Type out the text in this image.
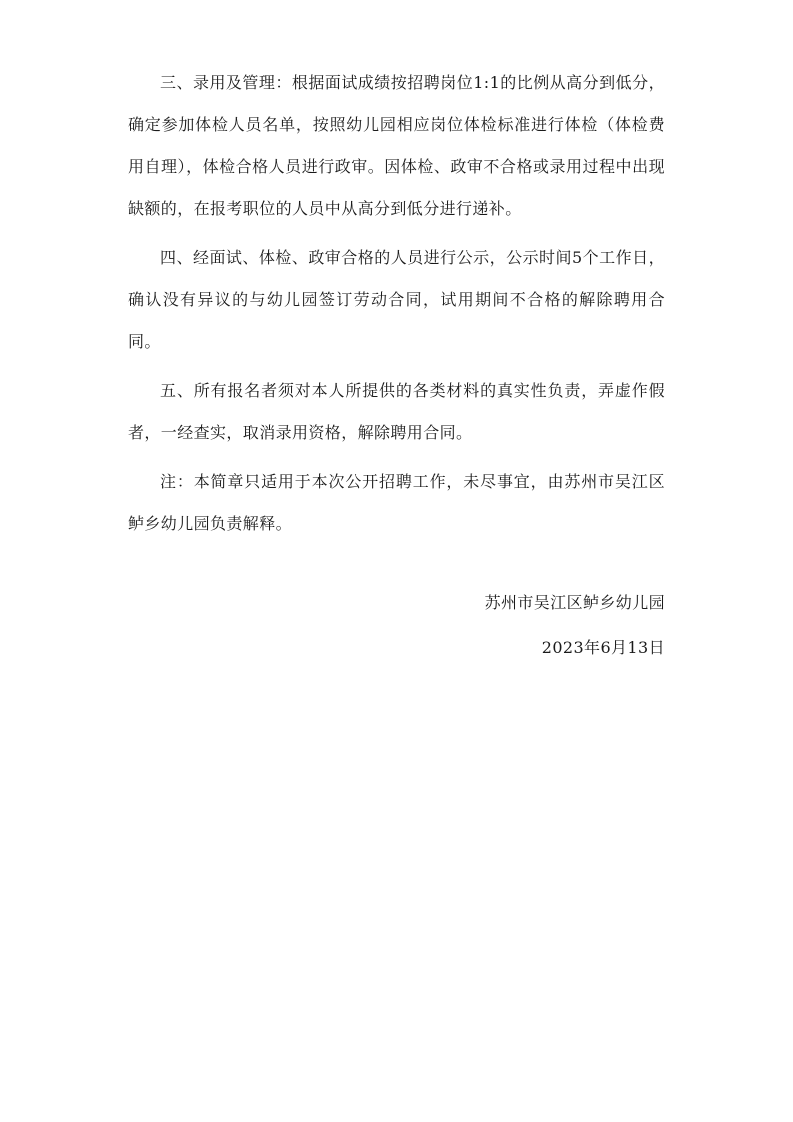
三、录用及管理：根据面试成绩按招聘岗位1:1的比例从高分到低分，确定参加体检人员名单，按照幼儿园相应岗位体检标准进行体检（体检费用自理），体检合格人员进行政审。因体检、政审不合格或录用过程中出现缺额的，在报考职位的人员中从高分到低分进行递补。

四、经面试、体检、政审合格的人员进行公示，公示时间5个工作日，确认没有异议的与幼儿园签订劳动合同，试用期间不合格的解除聘用合同。

五、所有报名者须对本人所提供的各类材料的真实性负责，弄虚作假者，一经查实，取消录用资格，解除聘用合同。

注：本简章只适用于本次公开招聘工作，未尽事宜，由苏州市吴江区鲈乡幼儿园负责解释。

苏州市吴江区鲈乡幼儿园
2023年6月13日
